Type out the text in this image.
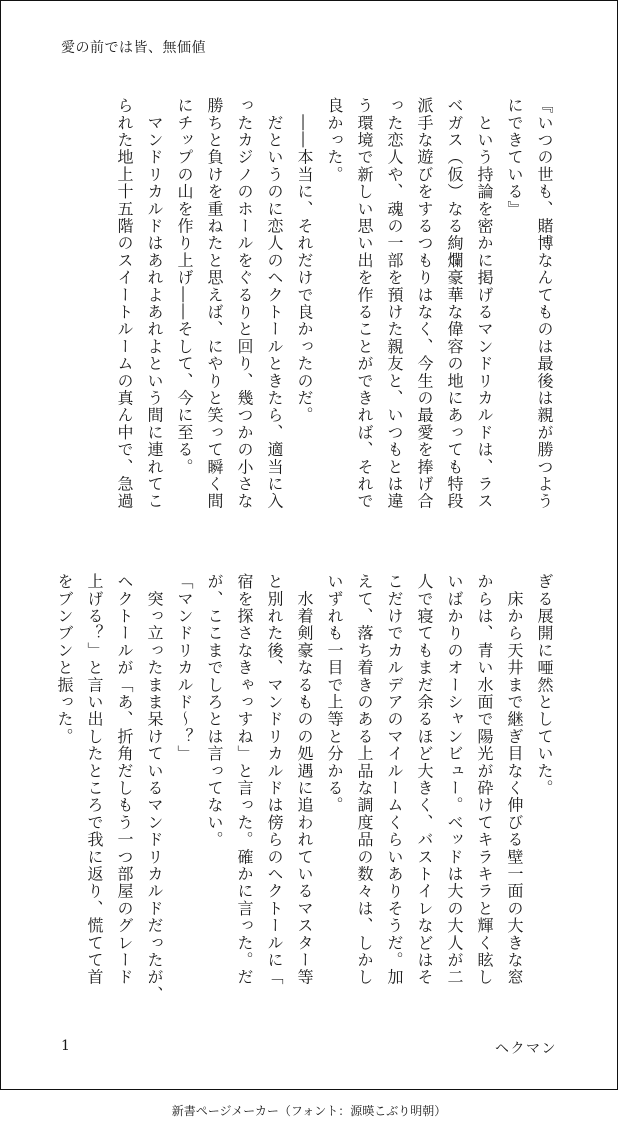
愛の前では皆、無価値
『いつの世も、賭博なんてものは最後は親が勝つよう
にできている』
　という持論を密かに掲げるマンドリカルドは、ラス
ベガス（仮）なる絢爛豪華な偉容の地にあっても特段
派手な遊びをするつもりはなく、今生の最愛を捧げ合
った恋人や、魂の一部を預けた親友と、いつもとは違
う環境で新しい思い出を作ることができれば、それで
良かった。
　――本当に、それだけで良かったのだ。
　だというのに恋人のヘクトールときたら、適当に入
ったカジノのホールをぐるりと回り、幾つかの小さな
勝ちと負けを重ねたと思えば、にやりと笑って瞬く間
にチップの山を作り上げ――そして、今に至る。
　マンドリカルドはあれよあれよという間に連れてこ
られた地上十五階のスイートルームの真ん中で、急過
ぎる展開に唖然としていた。
　床から天井まで継ぎ目なく伸びる壁一面の大きな窓
からは、青い水面で陽光が砕けてキラキラと輝く眩し
いばかりのオーシャンビュー。ベッドは大の大人が二
人で寝てもまだ余るほど大きく、バストイレなどはそ
こだけでカルデアのマイルームくらいありそうだ。加
えて、落ち着きのある上品な調度品の数々は、しかし
いずれも一目で上等と分かる。
　水着剣豪なるものの処遇に追われているマスター等
と別れた後、マンドリカルドは傍らのヘクトールに「
宿を探さなきゃっすね」と言った。確かに言った。だ
が、ここまでしろとは言ってない。
「マンドリカルド～？」
　突っ立ったまま呆けているマンドリカルドだったが、
ヘクトールが「あ、折角だしもう一つ部屋のグレード
上げる？」と言い出したところで我に返り、慌てて首
をブンブンと振った。
1	ヘクマン
新書ページメーカー（フォント：源暎こぶり明朝）
